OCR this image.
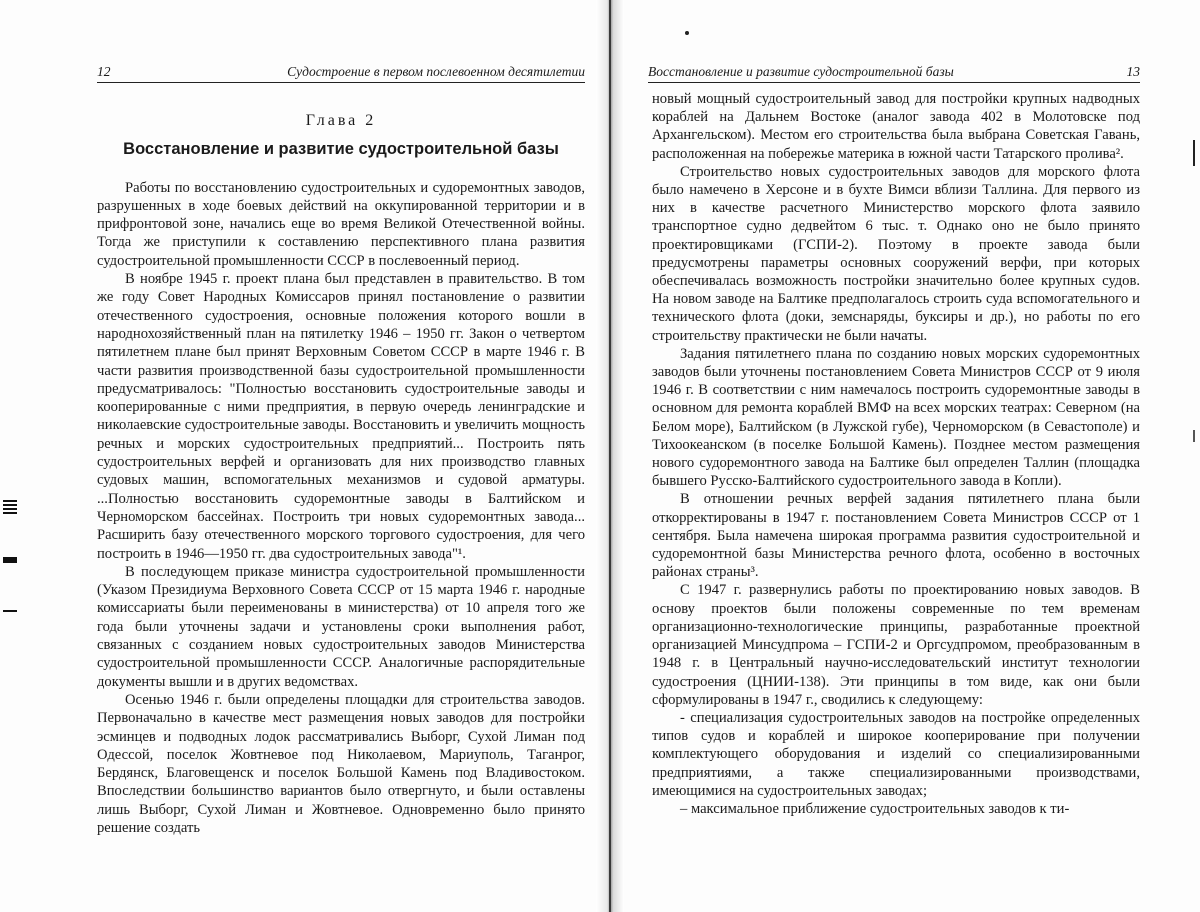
12	Судостроение в первом послевоенном десятилетии
Глава 2
Восстановление и развитие судостроительной базы

Работы по восстановлению судостроительных и судоремонтных заводов, разрушенных в ходе боевых действий на оккупированной территории и в прифронтовой зоне, начались еще во время Великой Отечественной войны. Тогда же приступили к составлению перспективного плана развития судостроительной промышленности СССР в послевоенный период.

В ноябре 1945 г. проект плана был представлен в правительство. В том же году Совет Народных Комиссаров принял постановление о развитии отечественного судостроения, основные положения которого вошли в народнохозяйственный план на пятилетку 1946 – 1950 гг. Закон о четвертом пятилетнем плане был принят Верховным Советом СССР в марте 1946 г. В части развития производственной базы судостроительной промышленности предусматривалось: "Полностью восстановить судостроительные заводы и кооперированные с ними предприятия, в первую очередь ленинградские и николаевские судостроительные заводы. Восстановить и увеличить мощность речных и морских судостроительных предприятий... Построить пять судостроительных верфей и организовать для них производство главных судовых машин, вспомогательных механизмов и судовой арматуры. ...Полностью восстановить судоремонтные заводы в Балтийском и Черноморском бассейнах. Построить три новых судоремонтных завода... Расширить базу отечественного морского торгового судостроения, для чего построить в 1946—1950 гг. два судостроительных завода"¹.

В последующем приказе министра судостроительной промышленности (Указом Президиума Верховного Совета СССР от 15 марта 1946 г. народные комиссариаты были переименованы в министерства) от 10 апреля того же года были уточнены задачи и установлены сроки выполнения работ, связанных с созданием новых судостроительных заводов Министерства судостроительной промышленности СССР. Аналогичные распорядительные документы вышли и в других ведомствах.

Осенью 1946 г. были определены площадки для строительства заводов. Первоначально в качестве мест размещения новых заводов для постройки эсминцев и подводных лодок рассматривались Выборг, Сухой Лиман под Одессой, поселок Жовтневое под Николаевом, Мариуполь, Таганрог, Бердянск, Благовещенск и поселок Большой Камень под Владивостоком. Впоследствии большинство вариантов было отвергнуто, и были оставлены лишь Выборг, Сухой Лиман и Жовтневое. Одновременно было принято решение создать

Восстановление и развитие судостроительной базы	13

новый мощный судостроительный завод для постройки крупных надводных кораблей на Дальнем Востоке (аналог завода 402 в Молотовске под Архангельском). Местом его строительства была выбрана Советская Гавань, расположенная на побережье материка в южной части Татарского пролива².

Строительство новых судостроительных заводов для морского флота было намечено в Херсоне и в бухте Вимси вблизи Таллина. Для первого из них в качестве расчетного Министерство морского флота заявило транспортное судно дедвейтом 6 тыс. т. Однако оно не было принято проектировщиками (ГСПИ-2). Поэтому в проекте завода были предусмотрены параметры основных сооружений верфи, при которых обеспечивалась возможность постройки значительно более крупных судов. На новом заводе на Балтике предполагалось строить суда вспомогательного и технического флота (доки, земснаряды, буксиры и др.), но работы по его строительству практически не были начаты.

Задания пятилетнего плана по созданию новых морских судоремонтных заводов были уточнены постановлением Совета Министров СССР от 9 июля 1946 г. В соответствии с ним намечалось построить судоремонтные заводы в основном для ремонта кораблей ВМФ на всех морских театрах: Северном (на Белом море), Балтийском (в Лужской губе), Черноморском (в Севастополе) и Тихоокеанском (в поселке Большой Камень). Позднее местом размещения нового судоремонтного завода на Балтике был определен Таллин (площадка бывшего Русско-Балтийского судостроительного завода в Копли).

В отношении речных верфей задания пятилетнего плана были откорректированы в 1947 г. постановлением Совета Министров СССР от 1 сентября. Была намечена широкая программа развития судостроительной и судоремонтной базы Министерства речного флота, особенно в восточных районах страны³.

С 1947 г. развернулись работы по проектированию новых заводов. В основу проектов были положены современные по тем временам организационно-технологические принципы, разработанные проектной организацией Минсудпрома – ГСПИ-2 и Оргсудпромом, преобразованным в 1948 г. в Центральный научно-исследовательский институт технологии судостроения (ЦНИИ-138). Эти принципы в том виде, как они были сформулированы в 1947 г., сводились к следующему:

- специализация судостроительных заводов на постройке определенных типов судов и кораблей и широкое кооперирование при получении комплектующего оборудования и изделий со специализированными предприятиями, а также специализированными производствами, имеющимися на судостроительных заводах;

– максимальное приближение судостроительных заводов к ти-
